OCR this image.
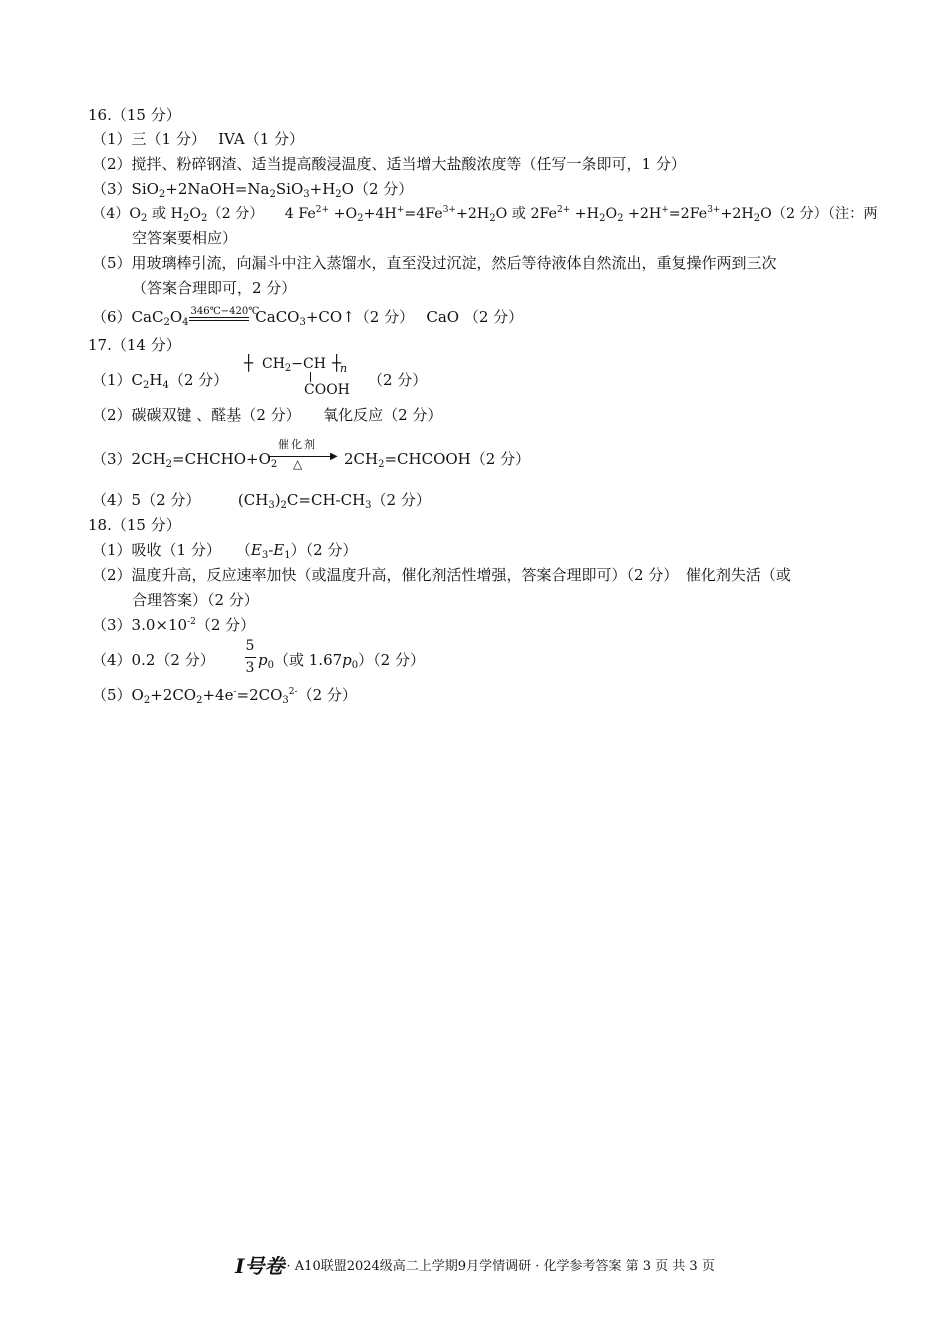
16.（15 分）
（1）三（1 分）　 IVA（1 分）
（2）搅拌、粉碎钢渣、适当提高酸浸温度、适当增大盐酸浓度等（任写一条即可，1 分）
$(3)SiO_2+2NaOH=Na_2SiO_3+H_2O(2$ 分）
$(4)O_2$ 或 $H_2O_2(2$ 分）　　4 $Fe^{2+} +O_2+4H^+=4Fe^{3+}+2H_2O$ 或 $2Fe^{2+} +H_2O_2 +2H^+=2Fe^{3+}+2H_2O(2$ 分）（注：两
空答案要相应）
（5）用玻璃棒引流，向漏斗中注入蒸馏水，直至没过沉淀，然后等待液体自然流出，重复操作两到三次
（答案合理即可，2 分）
$(6)CaC_2O_4$
346℃−420℃
CaCO$_3$+CO↑（2 分）　 CaO （2 分）
17.（14 分）
$(1)C_2H_4(2$ 分）
┼ $CH_2-CH$ ┼
n
COOH
（2 分）
（2）碳碳双键 、醛基（2 分）　　氧化反应（2 分）
$(3)2CH_2=CHCHO+O_2$
催化剂
▶
△	$2CH_2=CHCOOH(2$ 分）
（4）5（2 分）　　　$(CH_3)_2C=CH-CH_3(2$ 分）
18.（15 分）
（1）吸收（1 分）　　$(E_3-E_1)(2$ 分）
（2）温度升高，反应速率加快（或温度升高，催化剂活性增强，答案合理即可）（2 分）　催化剂失活（或
合理答案）（2 分）
$(3)3.0\times 10^{-2}(2$ 分）
（4）0.2（2 分）
5
3 $p_0$（或 $1.67p_0)(2$ 分）
$(5)O_2+2CO_2+4e^-=2CO_3^{2-}(2$ 分）
I号卷 · A10联盟2024级高二上学期9月学情调研 · 化学参考答案 第 3 页 共 3 页
